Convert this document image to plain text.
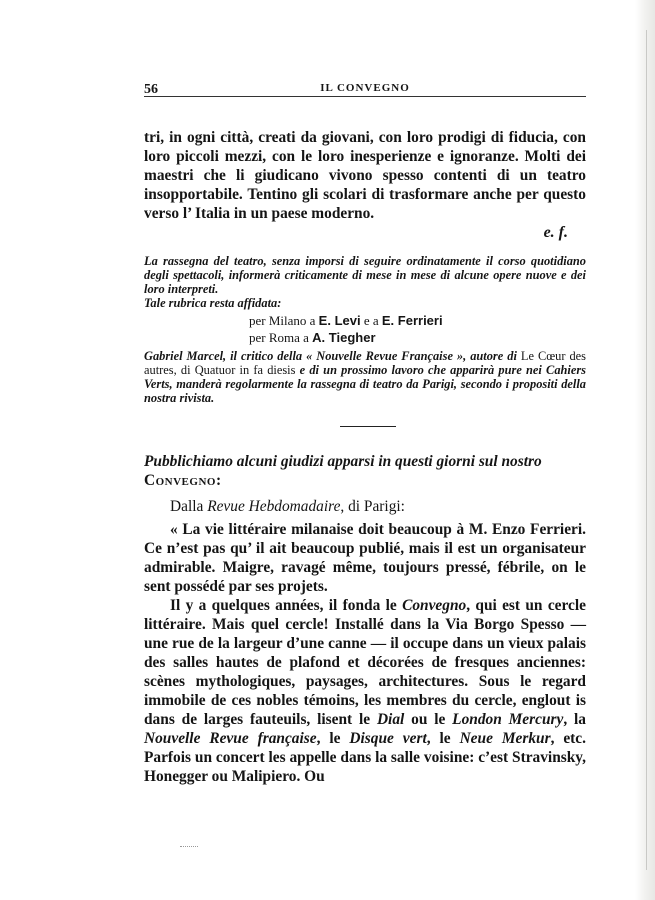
56	IL CONVEGNO

tri, in ogni città, creati da giovani, con loro prodigi di fiducia, con loro piccoli mezzi, con le loro inesperienze e ignoranze. Molti dei maestri che li giudicano vivono spesso contenti di un teatro insopportabile. Tentino gli scolari di trasformare anche per questo verso l’ Italia in un paese moderno.

e. f.

La rassegna del teatro, senza imporsi di seguire ordinatamente il corso quotidiano degli spettacoli, informerà criticamente di mese in mese di alcune opere nuove e dei loro interpreti.

Tale rubrica resta affidata:

per Milano a E. Levi e a E. Ferrieri
per Roma a A. Tiegher

Gabriel Marcel, il critico della « Nouvelle Revue Française », autore di Le Cœur des autres, di Quatuor in fa diesis e di un prossimo lavoro che apparirà pure nei Cahiers Verts, manderà regolarmente la rassegna di teatro da Parigi, secondo i propositi della nostra rivista.

Pubblichiamo alcuni giudizi apparsi in questi giorni sul nostro Convegno:

Dalla Revue Hebdomadaire, di Parigi:

« La vie littéraire milanaise doit beaucoup à M. Enzo Ferrieri. Ce n’est pas qu’ il ait beaucoup publié, mais il est un organisateur admirable. Maigre, ravagé même, toujours pressé, fébrile, on le sent possédé par ses projets.

Il y a quelques années, il fonda le Convegno, qui est un cercle littéraire. Mais quel cercle! Installé dans la Via Borgo Spesso — une rue de la largeur d’une canne — il occupe dans un vieux palais des salles hautes de plafond et décorées de fresques anciennes: scènes mythologiques, paysages, architectures. Sous le regard immobile de ces nobles témoins, les membres du cercle, englout is dans de larges fauteuils, lisent le Dial ou le London Mercury, la Nouvelle Revue française, le Disque vert, le Neue Merkur, etc. Parfois un concert les appelle dans la salle voisine: c’est Stravinsky, Honegger ou Malipiero. Ou
